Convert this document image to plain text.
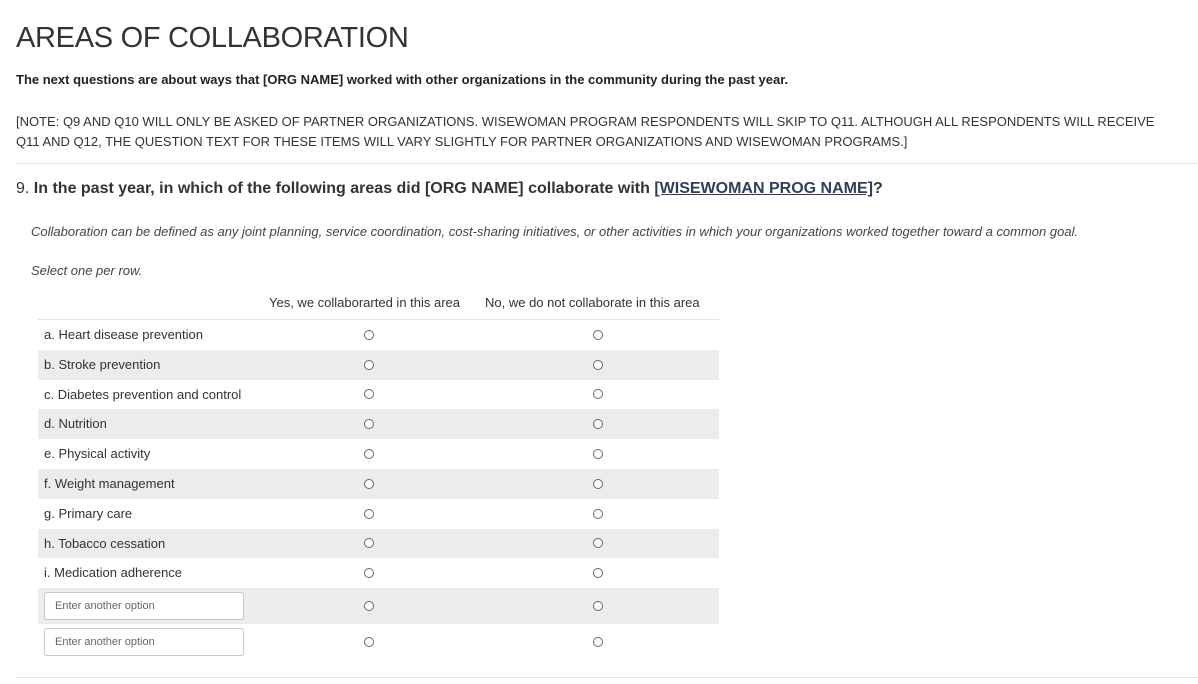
AREAS OF COLLABORATION

The next questions are about ways that [ORG NAME] worked with other organizations in the community during the past year.

[NOTE: Q9 AND Q10 WILL ONLY BE ASKED OF PARTNER ORGANIZATIONS. WISEWOMAN PROGRAM RESPONDENTS WILL SKIP TO Q11. ALTHOUGH ALL RESPONDENTS WILL RECEIVE Q11 AND Q12, THE QUESTION TEXT FOR THESE ITEMS WILL VARY SLIGHTLY FOR PARTNER ORGANIZATIONS AND WISEWOMAN PROGRAMS.]

9. In the past year, in which of the following areas did [ORG NAME] collaborate with [WISEWOMAN PROG NAME]?

Collaboration can be defined as any joint planning, service coordination, cost-sharing initiatives, or other activities in which your organizations worked together toward a common goal.

Select one per row.

Yes, we collaborarted in this area No, we do not collaborate in this area
a. Heart disease prevention
b. Stroke prevention
c. Diabetes prevention and control
d. Nutrition
e. Physical activity
f. Weight management
g. Primary care
h. Tobacco cessation
i. Medication adherence
Enter another option
Enter another option
